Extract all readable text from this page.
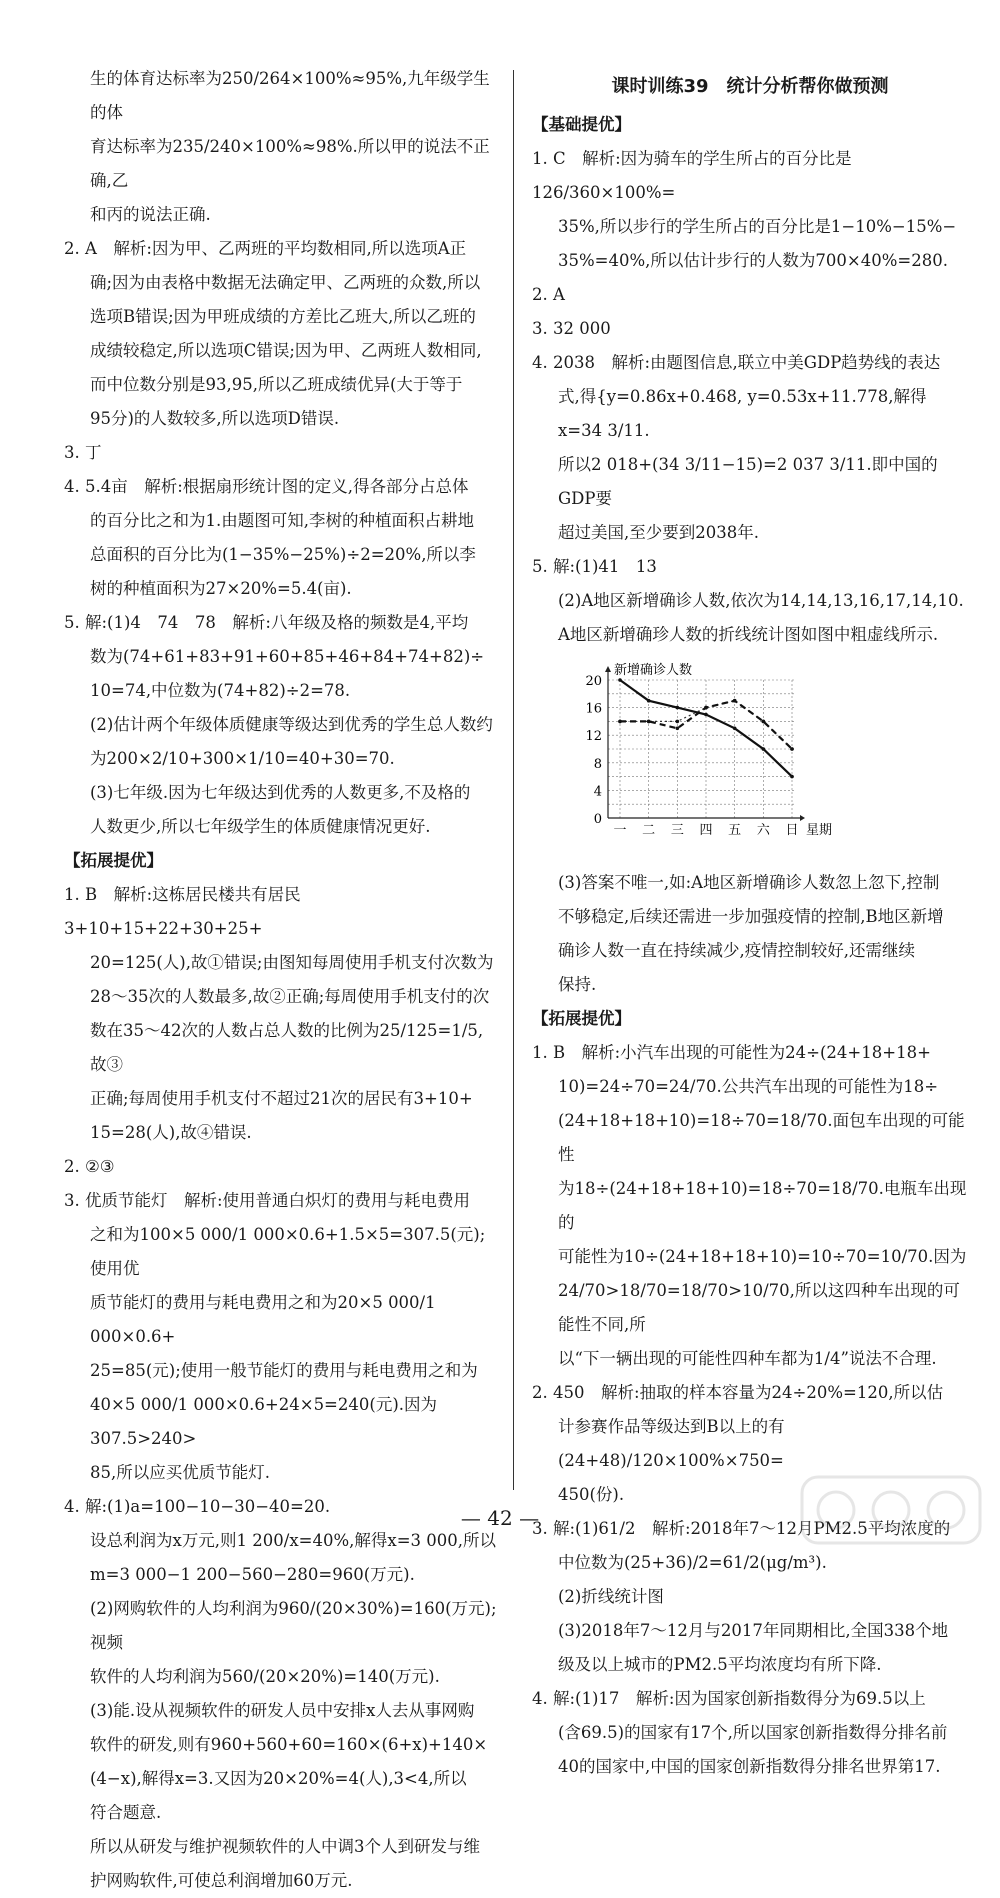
生的体育达标率为250/264×100%≈95%,九年级学生的体
育达标率为235/240×100%≈98%.所以甲的说法不正确,乙
和丙的说法正确.
2. A　解析:因为甲、乙两班的平均数相同,所以选项A正
确;因为由表格中数据无法确定甲、乙两班的众数,所以
选项B错误;因为甲班成绩的方差比乙班大,所以乙班的
成绩较稳定,所以选项C错误;因为甲、乙两班人数相同,
而中位数分别是93,95,所以乙班成绩优异(大于等于
95分)的人数较多,所以选项D错误.
3. 丁
4. 5.4亩　解析:根据扇形统计图的定义,得各部分占总体
的百分比之和为1.由题图可知,李树的种植面积占耕地
总面积的百分比为(1−35%−25%)÷2=20%,所以李
树的种植面积为27×20%=5.4(亩).
5. 解:(1)4　74　78　解析:八年级及格的频数是4,平均
数为(74+61+83+91+60+85+46+84+74+82)÷
10=74,中位数为(74+82)÷2=78.
(2)估计两个年级体质健康等级达到优秀的学生总人数约
为200×2/10+300×1/10=40+30=70.
(3)七年级.因为七年级达到优秀的人数更多,不及格的
人数更少,所以七年级学生的体质健康情况更好.
【拓展提优】
1. B　解析:这栋居民楼共有居民3+10+15+22+30+25+
20=125(人),故①错误;由图知每周使用手机支付次数为
28～35次的人数最多,故②正确;每周使用手机支付的次
数在35～42次的人数占总人数的比例为25/125=1/5,故③
正确;每周使用手机支付不超过21次的居民有3+10+
15=28(人),故④错误.
2. ②③
3. 优质节能灯　解析:使用普通白炽灯的费用与耗电费用
之和为100×5 000/1 000×0.6+1.5×5=307.5(元);使用优
质节能灯的费用与耗电费用之和为20×5 000/1 000×0.6+
25=85(元);使用一般节能灯的费用与耗电费用之和为
40×5 000/1 000×0.6+24×5=240(元).因为307.5>240>
85,所以应买优质节能灯.
4. 解:(1)a=100−10−30−40=20.
设总利润为x万元,则1 200/x=40%,解得x=3 000,所以
m=3 000−1 200−560−280=960(万元).
(2)网购软件的人均利润为960/(20×30%)=160(万元);视频
软件的人均利润为560/(20×20%)=140(万元).
(3)能.设从视频软件的研发人员中安排x人去从事网购
软件的研发,则有960+560+60=160×(6+x)+140×
(4−x),解得x=3.又因为20×20%=4(人),3<4,所以
符合题意.
所以从研发与维护视频软件的人中调3个人到研发与维
护网购软件,可使总利润增加60万元.
课时训练39　统计分析帮你做预测
【基础提优】
1. C　解析:因为骑车的学生所占的百分比是126/360×100%=
35%,所以步行的学生所占的百分比是1−10%−15%−
35%=40%,所以估计步行的人数为700×40%=280.
2. A
3. 32 000
4. 2038　解析:由题图信息,联立中美GDP趋势线的表达
式,得{y=0.86x+0.468, y=0.53x+11.778,解得x=34 3/11.
所以2 018+(34 3/11−15)=2 037 3/11.即中国的GDP要
超过美国,至少要到2038年.
5. 解:(1)41　13
(2)A地区新增确诊人数,依次为14,14,13,16,17,14,10.
A地区新增确珍人数的折线统计图如图中粗虚线所示.
0
4
8
12
16
20
一 二 三 四 五 六 日
新增确诊人数
星期
(3)答案不唯一,如:A地区新增确诊人数忽上忽下,控制
不够稳定,后续还需进一步加强疫情的控制,B地区新增
确诊人数一直在持续减少,疫情控制较好,还需继续
保持.
【拓展提优】
1. B　解析:小汽车出现的可能性为24÷(24+18+18+
10)=24÷70=24/70.公共汽车出现的可能性为18÷
(24+18+18+10)=18÷70=18/70.面包车出现的可能性
为18÷(24+18+18+10)=18÷70=18/70.电瓶车出现的
可能性为10÷(24+18+18+10)=10÷70=10/70.因为
24/70>18/70=18/70>10/70,所以这四种车出现的可能性不同,所
以“下一辆出现的可能性四种车都为1/4”说法不合理.
2. 450　解析:抽取的样本容量为24÷20%=120,所以估
计参赛作品等级达到B以上的有(24+48)/120×100%×750=
450(份).
3. 解:(1)61/2　解析:2018年7～12月PM2.5平均浓度的
中位数为(25+36)/2=61/2(μg/m³).
(2)折线统计图
(3)2018年7～12月与2017年同期相比,全国338个地
级及以上城市的PM2.5平均浓度均有所下降.
4. 解:(1)17　解析:因为国家创新指数得分为69.5以上
(含69.5)的国家有17个,所以国家创新指数得分排名前
40的国家中,中国的国家创新指数得分排名世界第17.
— 42 —
